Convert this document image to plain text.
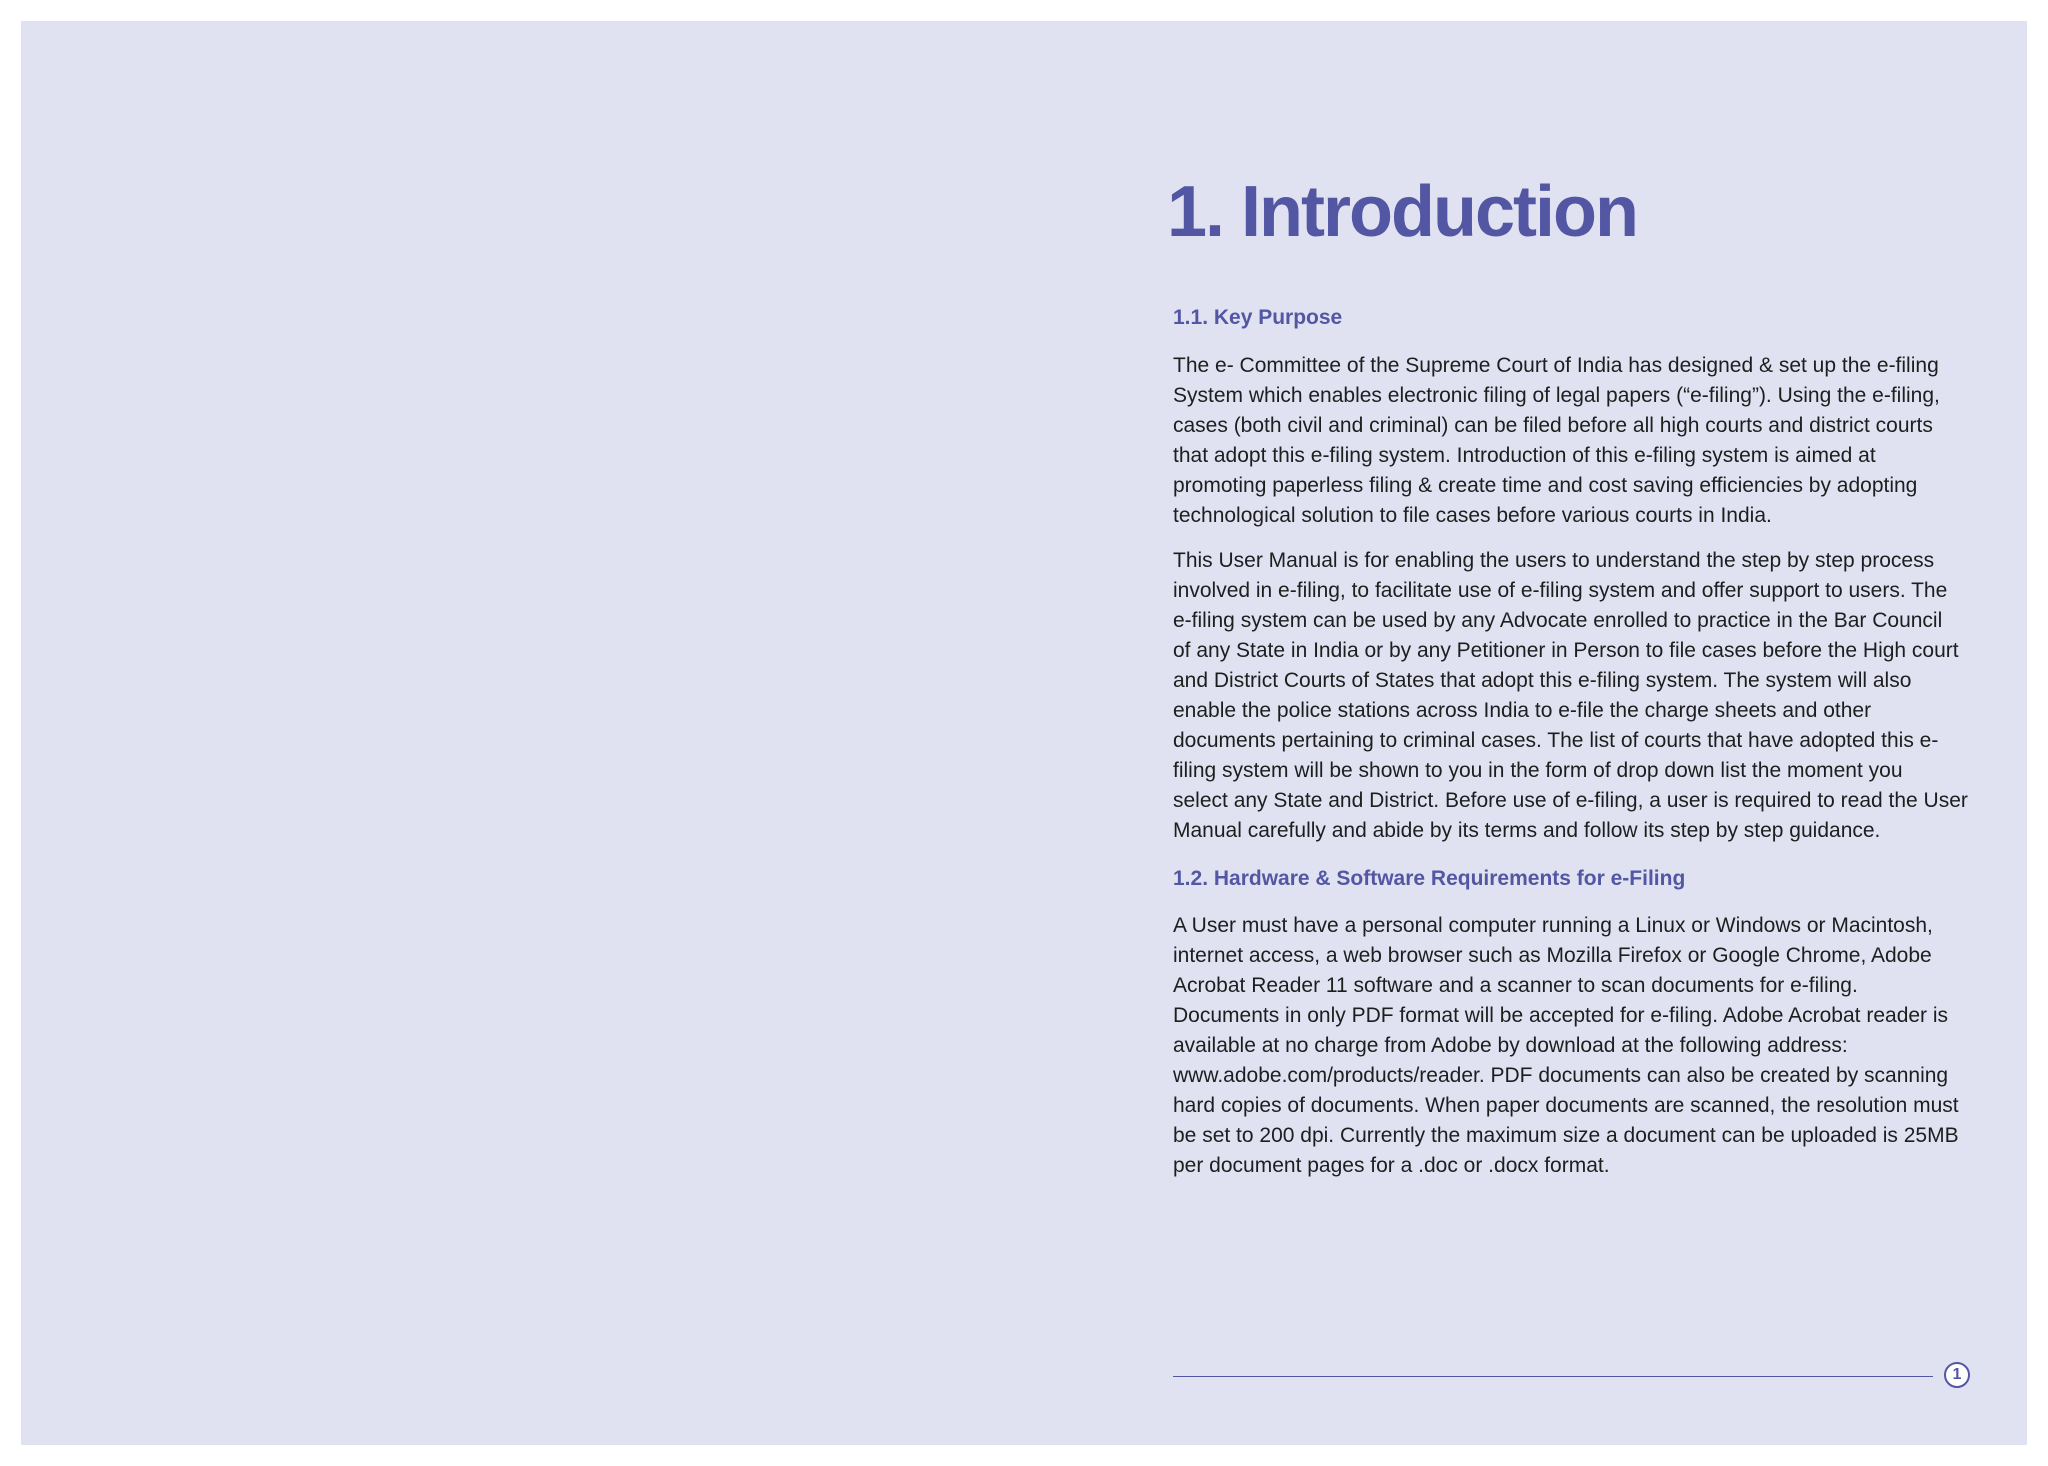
1. Introduction
1.1. Key Purpose

The e- Committee of the Supreme Court of India has designed & set up the e-filing
System which enables electronic filing of legal papers (“e-filing”). Using the e-filing,
cases (both civil and criminal) can be filed before all high courts and district courts
that adopt this e-filing system. Introduction of this e-filing system is aimed at
promoting paperless filing & create time and cost saving efficiencies by adopting
technological solution to file cases before various courts in India.

This User Manual is for enabling the users to understand the step by step process
involved in e-filing, to facilitate use of e-filing system and offer support to users. The
e-filing system can be used by any Advocate enrolled to practice in the Bar Council
of any State in India or by any Petitioner in Person to file cases before the High court
and District Courts of States that adopt this e-filing system. The system will also
enable the police stations across India to e-file the charge sheets and other
documents pertaining to criminal cases. The list of courts that have adopted this e-
filing system will be shown to you in the form of drop down list the moment you
select any State and District. Before use of e-filing, a user is required to read the User
Manual carefully and abide by its terms and follow its step by step guidance.

1.2. Hardware & Software Requirements for e-Filing

A User must have a personal computer running a Linux or Windows or Macintosh,
internet access, a web browser such as Mozilla Firefox or Google Chrome, Adobe
Acrobat Reader 11 software and a scanner to scan documents for e-filing.
Documents in only PDF format will be accepted for e-filing. Adobe Acrobat reader is
available at no charge from Adobe by download at the following address:
www.adobe.com/products/reader. PDF documents can also be created by scanning
hard copies of documents. When paper documents are scanned, the resolution must
be set to 200 dpi. Currently the maximum size a document can be uploaded is 25MB
per document pages for a .doc or .docx format.

1
